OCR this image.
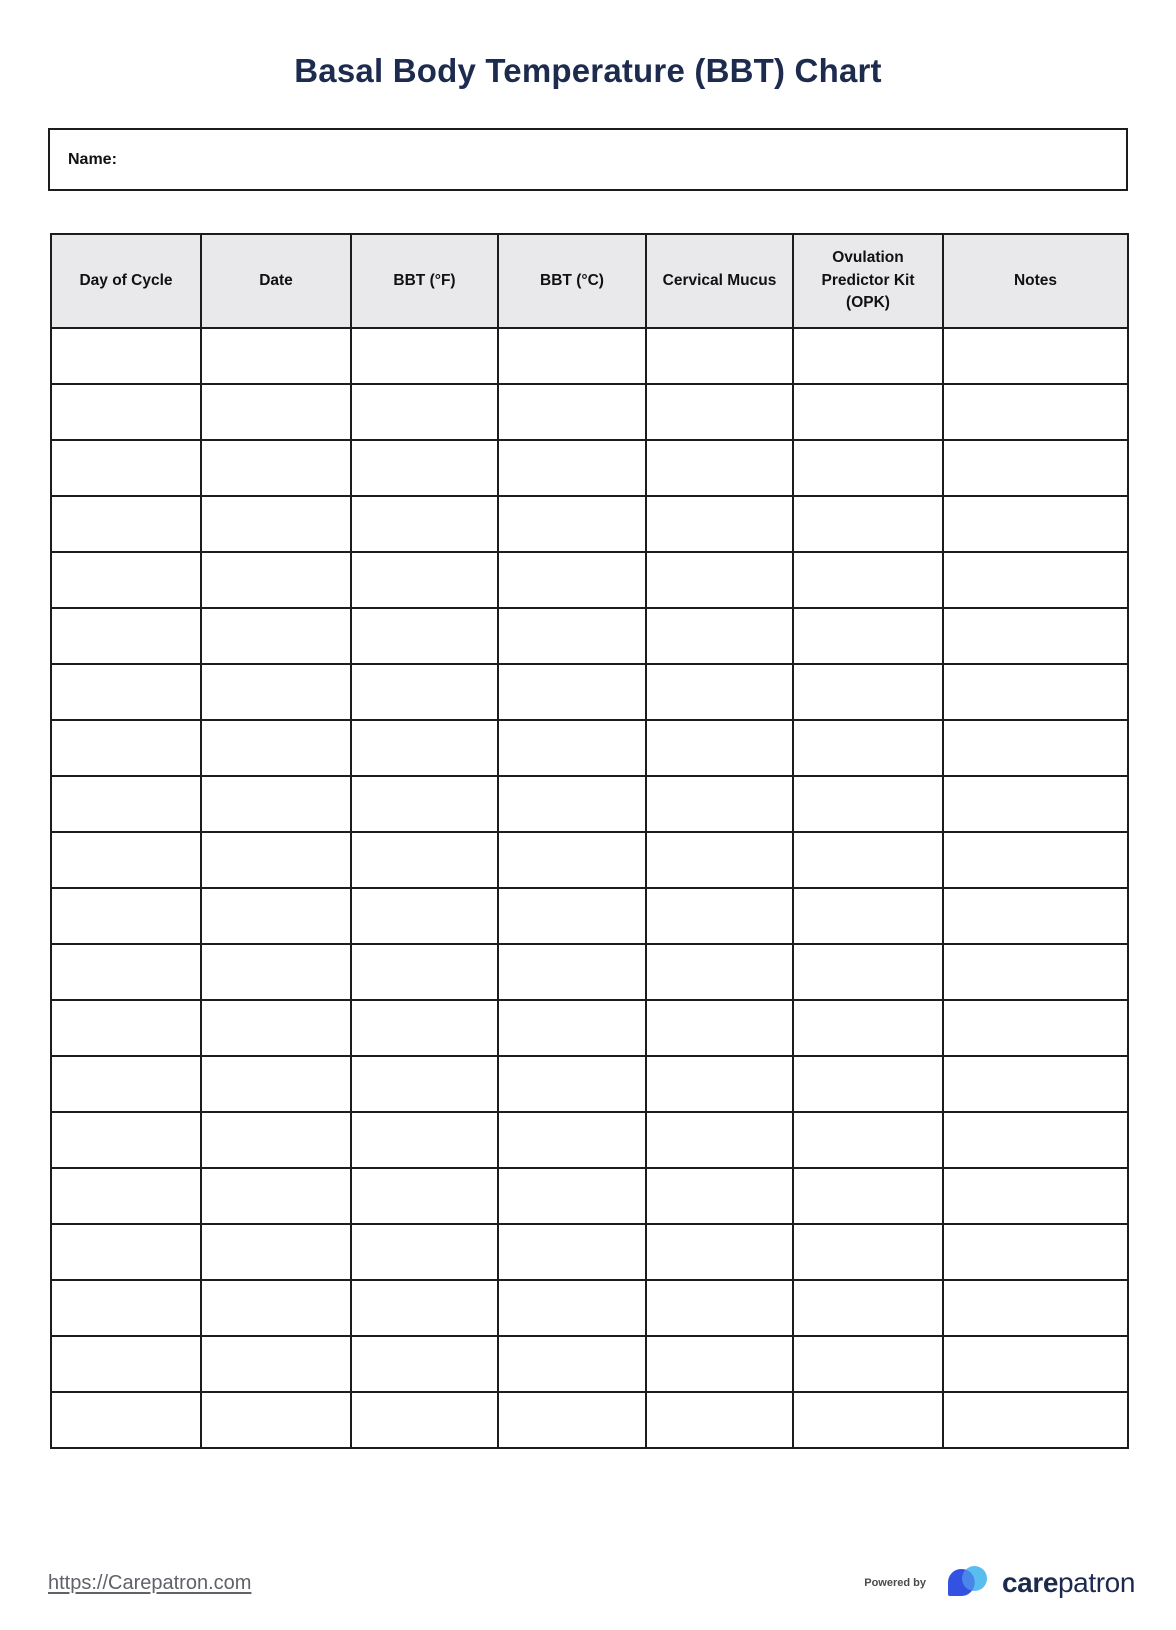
Basal Body Temperature (BBT) Chart
Name:
Day of Cycle	Date	BBT (°F)	BBT (°C)	Cervical Mucus	Ovulation Predictor Kit (OPK)	Notes

https://Carepatron.com	Powered by	carepatron
